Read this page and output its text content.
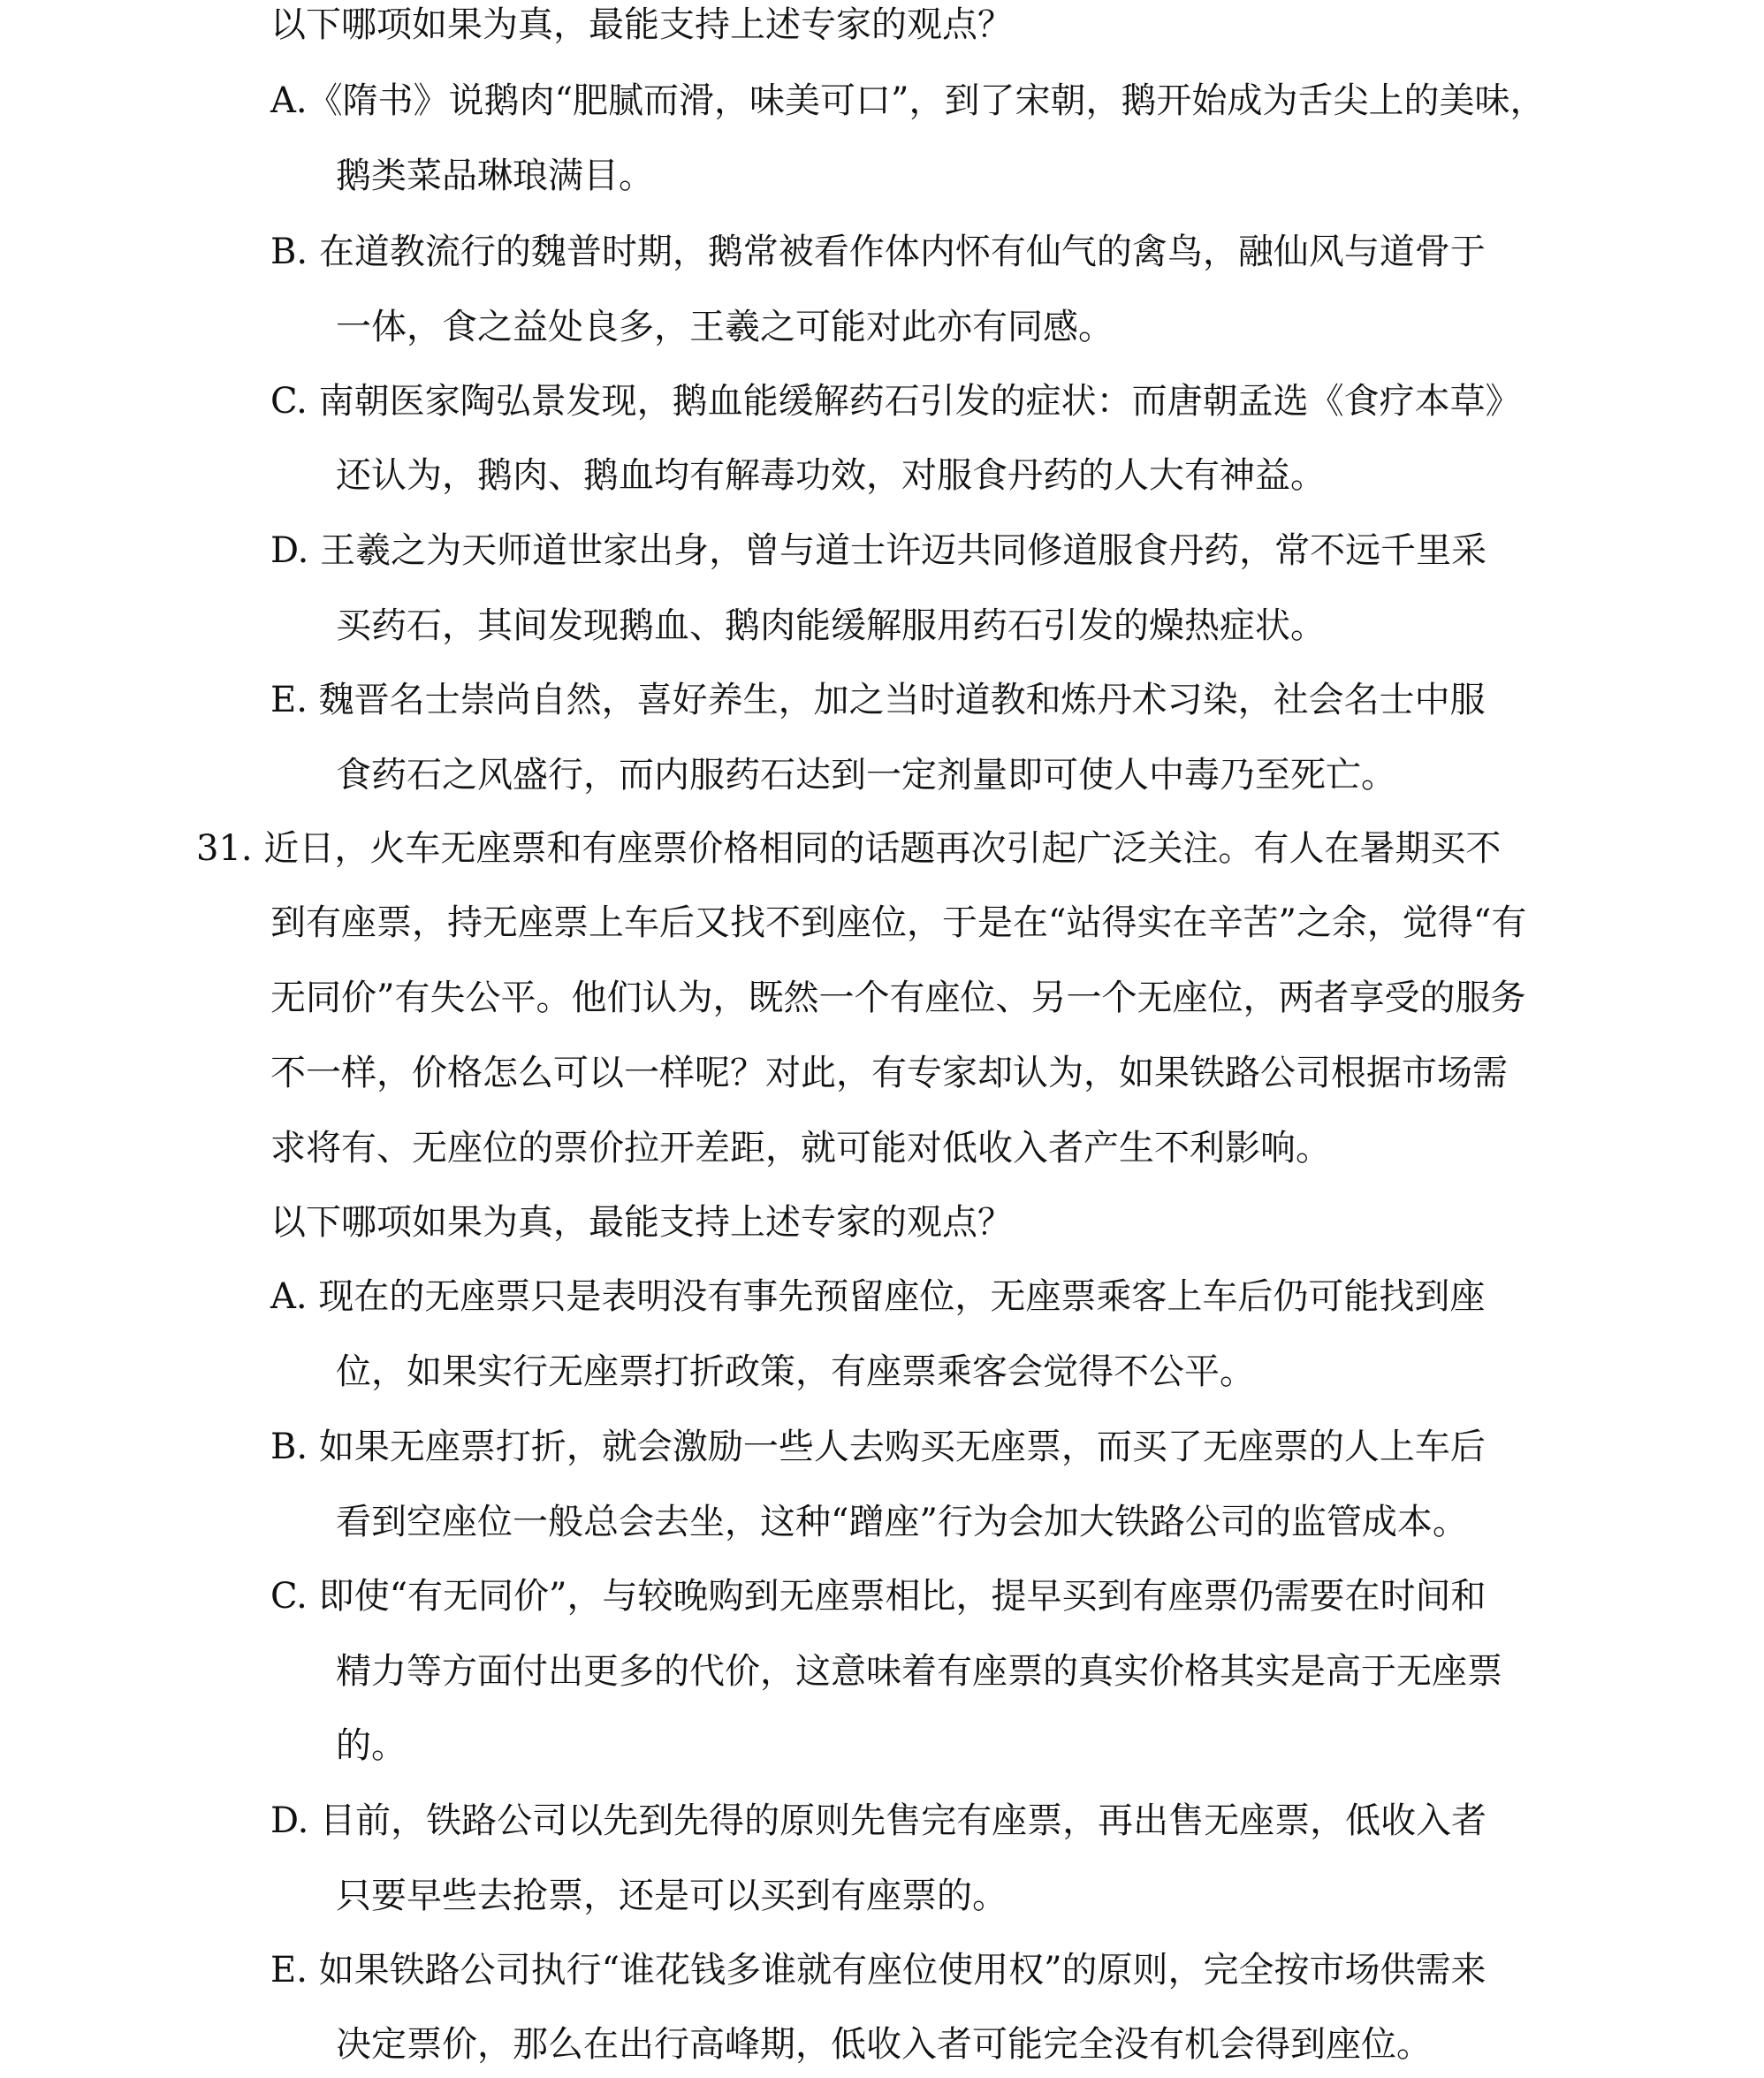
以下哪项如果为真，最能支持上述专家的观点？
A.《隋书》说鹅肉“肥腻而滑，味美可口”，到了宋朝，鹅开始成为舌尖上的美味，
鹅类菜品琳琅满目。
B. 在道教流行的魏普时期，鹅常被看作体内怀有仙气的禽鸟，融仙风与道骨于
一体，食之益处良多，王羲之可能对此亦有同感。
C. 南朝医家陶弘景发现，鹅血能缓解药石引发的症状：而唐朝孟选《食疗本草》
还认为，鹅肉、鹅血均有解毒功效，对服食丹药的人大有神益。
D. 王羲之为天师道世家出身，曾与道士许迈共同修道服食丹药，常不远千里采
买药石，其间发现鹅血、鹅肉能缓解服用药石引发的燥热症状。
E. 魏晋名士崇尚自然，喜好养生，加之当时道教和炼丹术习染，社会名士中服
食药石之风盛行，而内服药石达到一定剂量即可使人中毒乃至死亡。
31. 近日，火车无座票和有座票价格相同的话题再次引起广泛关注。有人在暑期买不
到有座票，持无座票上车后又找不到座位，于是在“站得实在辛苦”之余，觉得“有
无同价”有失公平。他们认为，既然一个有座位、另一个无座位，两者享受的服务
不一样，价格怎么可以一样呢？对此，有专家却认为，如果铁路公司根据市场需
求将有、无座位的票价拉开差距，就可能对低收入者产生不利影响。
以下哪项如果为真，最能支持上述专家的观点？
A. 现在的无座票只是表明没有事先预留座位，无座票乘客上车后仍可能找到座
位，如果实行无座票打折政策，有座票乘客会觉得不公平。
B. 如果无座票打折，就会激励一些人去购买无座票，而买了无座票的人上车后
看到空座位一般总会去坐，这种“蹭座”行为会加大铁路公司的监管成本。
C. 即使“有无同价”，与较晚购到无座票相比，提早买到有座票仍需要在时间和
精力等方面付出更多的代价，这意味着有座票的真实价格其实是高于无座票
的。
D. 目前，铁路公司以先到先得的原则先售完有座票，再出售无座票，低收入者
只要早些去抢票，还是可以买到有座票的。
E. 如果铁路公司执行“谁花钱多谁就有座位使用权”的原则，完全按市场供需来
决定票价，那么在出行高峰期，低收入者可能完全没有机会得到座位。
